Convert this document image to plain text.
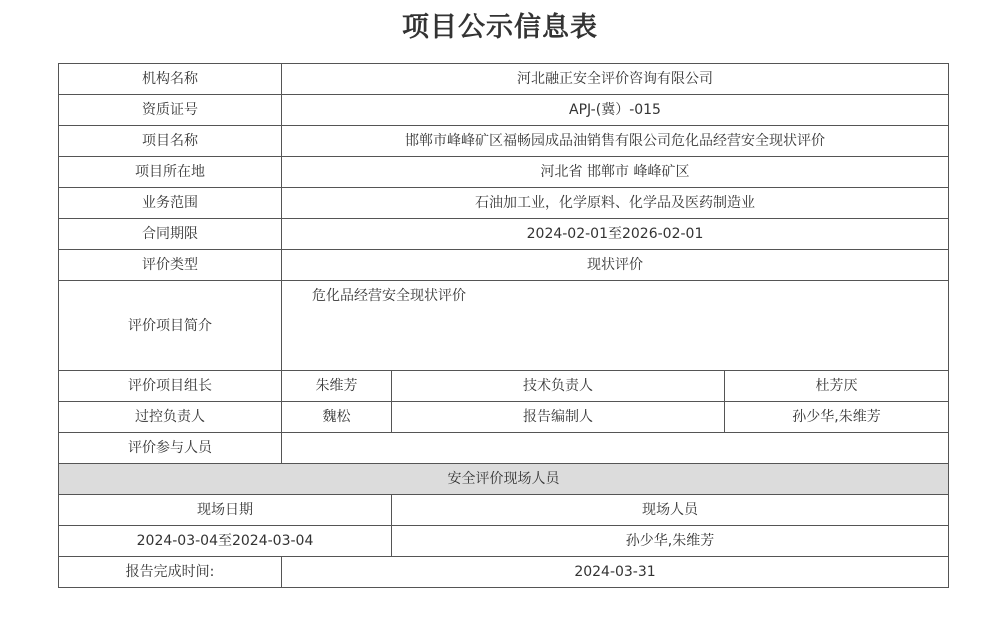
项目公示信息表
机构名称	河北融正安全评价咨询有限公司		
资质证号	APJ-(冀）-015		
项目名称	邯郸市峰峰矿区福畅园成品油销售有限公司危化品经营安全现状评价		
项目所在地	河北省 邯郸市 峰峰矿区		
业务范围	石油加工业，化学原料、化学品及医药制造业		
合同期限	2024-02-01至2026-02-01		
评价类型	现状评价		
评价项目简介	危化品经营安全现状评价		
评价项目组长	朱维芳	技术负责人	杜芳厌
过控负责人	魏松	报告编制人	孙少华,朱维芳
评价参与人员			
安全评价现场人员			
现场日期		现场人员	
2024-03-04至2024-03-04		孙少华,朱维芳	
报告完成时间:	2024-03-31		
